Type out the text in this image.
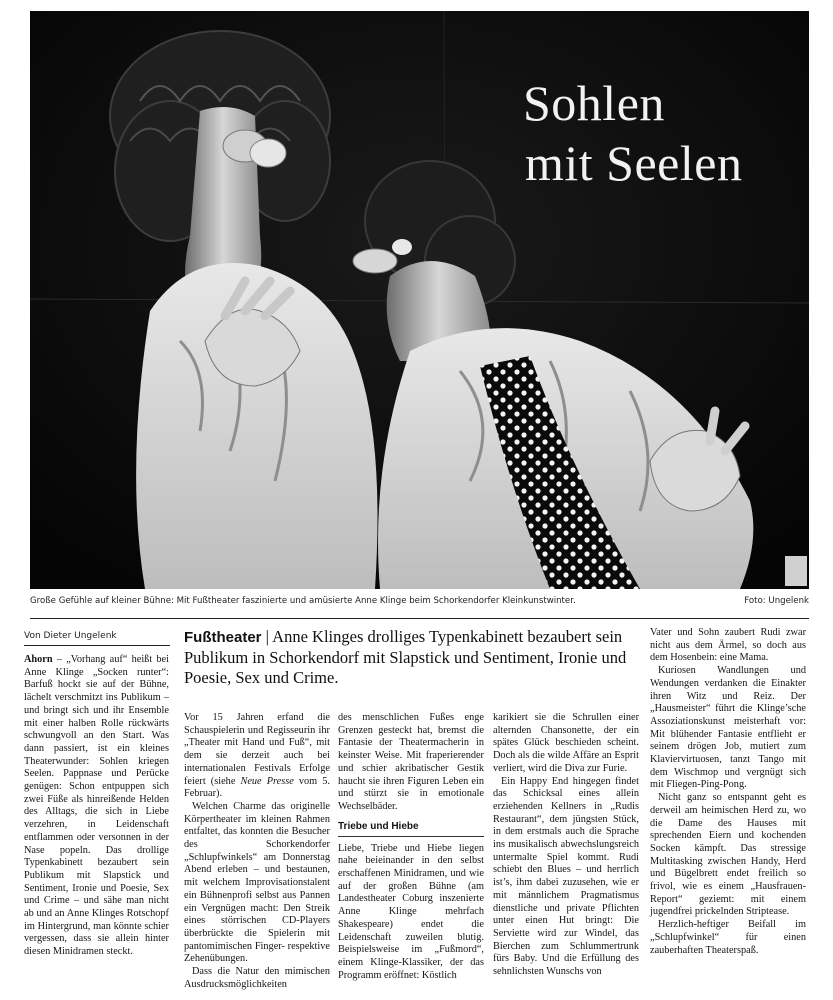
Sohlen
mit Seelen
Große Gefühle auf kleiner Bühne: Mit Fußtheater faszinierte und amüsierte Anne Klinge beim Schorkendorfer Kleinkunstwinter.	Foto: Ungelenk
Von Dieter Ungelenk	Fußtheater | Anne Klinges drolliges Typenkabinett bezaubert sein Publikum in Schorkendorf mit Slapstick und Sentiment, Ironie und Poesie, Sex und Crime.

Ahorn – „Vorhang auf“ heißt bei Anne Klinge „Socken runter“: Barfuß hockt sie auf der Bühne, lächelt verschmitzt ins Publikum – und bringt sich und ihr Ensemble mit einer halben Rolle rückwärts schwungvoll an den Start. Was dann passiert, ist ein kleines Theaterwunder: Sohlen kriegen Seelen. Pappnase und Perücke genügen: Schon entpuppen sich zwei Füße als hinreißende Helden des Alltags, die sich in Liebe verzehren, in Leidenschaft entflammen oder versonnen in der Nase popeln. Das drollige Typenkabinett bezaubert sein Publikum mit Slapstick und Sentiment, Ironie und Poesie, Sex und Crime – und sähe man nicht ab und an Anne Klinges Rotschopf im Hintergrund, man könnte schier vergessen, dass sie allein hinter diesen Minidramen steckt.

Vor 15 Jahren erfand die Schauspielerin und Regisseurin ihr „Theater mit Hand und Fuß“, mit dem sie derzeit auch bei internationalen Festivals Erfolge feiert (siehe Neue Presse vom 5. Februar).

Welchen Charme das originelle Körpertheater im kleinen Rahmen entfaltet, das konnten die Besucher des Schorkendorfer „Schlupfwinkels“ am Donnerstag Abend erleben – und bestaunen, mit welchem Improvisationstalent ein Bühnenprofi selbst aus Pannen ein Vergnügen macht: Den Streik eines störrischen CD-Players überbrückte die Spielerin mit pantomimischen Finger- respektive Zehenübungen.

Dass die Natur den mimischen Ausdrucksmöglichkeiten

des menschlichen Fußes enge Grenzen gesteckt hat, bremst die Fantasie der Theatermacherin in keinster Weise. Mit fraperierender und schier akribatischer Gestik haucht sie ihren Figuren Leben ein und stürzt sie in emotionale Wechselbäder.

Triebe und Hiebe

Liebe, Triebe und Hiebe liegen nahe beieinander in den selbst erschaffenen Minidramen, und wie auf der großen Bühne (am Landestheater Coburg inszenierte Anne Klinge mehrfach Shakespeare) endet die Leidenschaft zuweilen blutig. Beispielsweise im „Fußmord“, einem Klinge-Klassiker, der das Programm eröffnet: Köstlich

karikiert sie die Schrullen einer alternden Chansonette, der ein spätes Glück beschieden scheint. Doch als die wilde Affäre an Esprit verliert, wird die Diva zur Furie.

Ein Happy End hingegen findet das Schicksal eines allein erziehenden Kellners in „Rudis Restaurant“, dem jüngsten Stück, in dem erstmals auch die Sprache ins musikalisch abwechslungsreich untermalte Spiel kommt. Rudi schiebt den Blues – und herrlich ist’s, ihm dabei zuzusehen, wie er mit männlichem Pragmatismus dienstliche und private Pflichten unter einen Hut bringt: Die Serviette wird zur Windel, das Bierchen zum Schlummertrunk fürs Baby. Und die Erfüllung des sehnlichsten Wunschs von

Vater und Sohn zaubert Rudi zwar nicht aus dem Ärmel, so doch aus dem Hosenbein: eine Mama.

Kuriosen Wandlungen und Wendungen verdanken die Einakter ihren Witz und Reiz. Der „Hausmeister“ führt die Klinge’sche Assoziationskunst meisterhaft vor: Mit blühender Fantasie entflieht er seinem drögen Job, mutiert zum Klaviervirtuosen, tanzt Tango mit dem Wischmop und vergnügt sich mit Fliegen-Ping-Pong.

Nicht ganz so entspannt geht es derweil am heimischen Herd zu, wo die Dame des Hauses mit sprechenden Eiern und kochenden Socken kämpft. Das stressige Multitasking zwischen Handy, Herd und Bügelbrett endet freilich so frivol, wie es einem „Hausfrauen-Report“ geziemt: mit einem jugendfrei prickelnden Striptease.

Herzlich-heftiger Beifall im „Schlupfwinkel“ für einen zauberhaften Theaterspaß.
